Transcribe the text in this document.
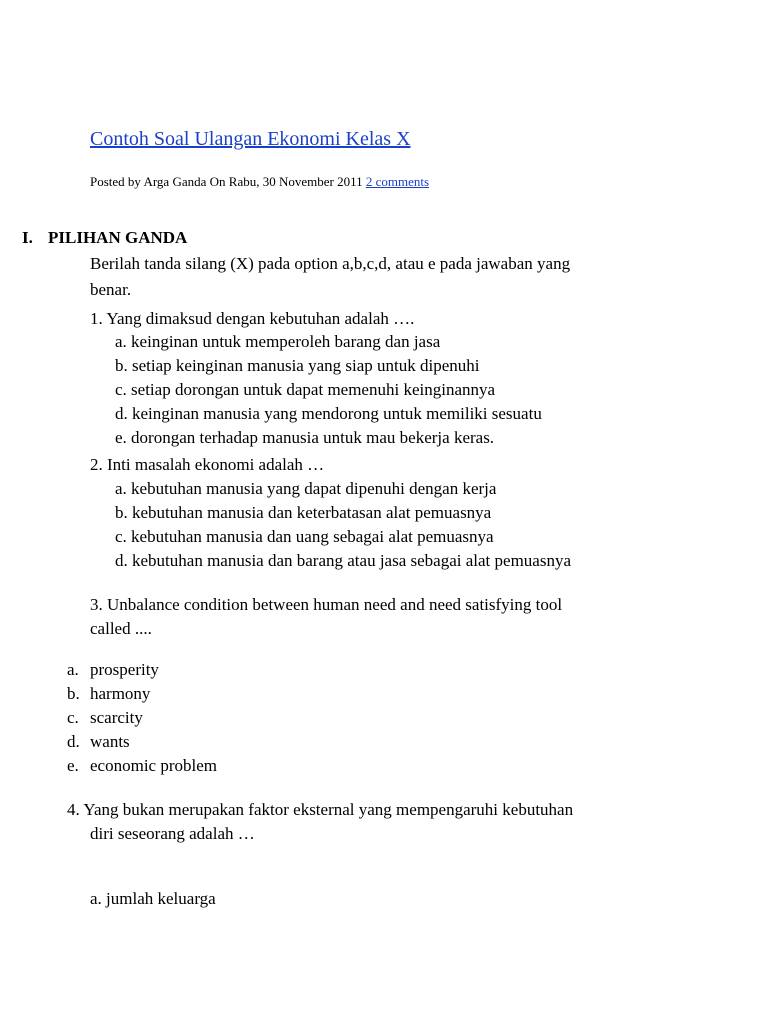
Contoh Soal Ulangan Ekonomi Kelas X
Posted by Arga Ganda On Rabu, 30 November 2011 2 comments
I. PILIHAN GANDA
Berilah tanda silang (X) pada option a,b,c,d, atau e pada jawaban yang
benar.
1. Yang dimaksud dengan kebutuhan adalah ….
a. keinginan untuk memperoleh barang dan jasa
b. setiap keinginan manusia yang siap untuk dipenuhi
c. setiap dorongan untuk dapat memenuhi keinginannya
d. keinginan manusia yang mendorong untuk memiliki sesuatu
e. dorongan terhadap manusia untuk mau bekerja keras.
2. Inti masalah ekonomi adalah …
a. kebutuhan manusia yang dapat dipenuhi dengan kerja
b. kebutuhan manusia dan keterbatasan alat pemuasnya
c. kebutuhan manusia dan uang sebagai alat pemuasnya
d. kebutuhan manusia dan barang atau jasa sebagai alat pemuasnya
3. Unbalance condition between human need and need satisfying tool
called ....
a. prosperity
b. harmony
c. scarcity
d. wants
e. economic problem
4. Yang bukan merupakan faktor eksternal yang mempengaruhi kebutuhan
diri seseorang adalah …
a. jumlah keluarga
